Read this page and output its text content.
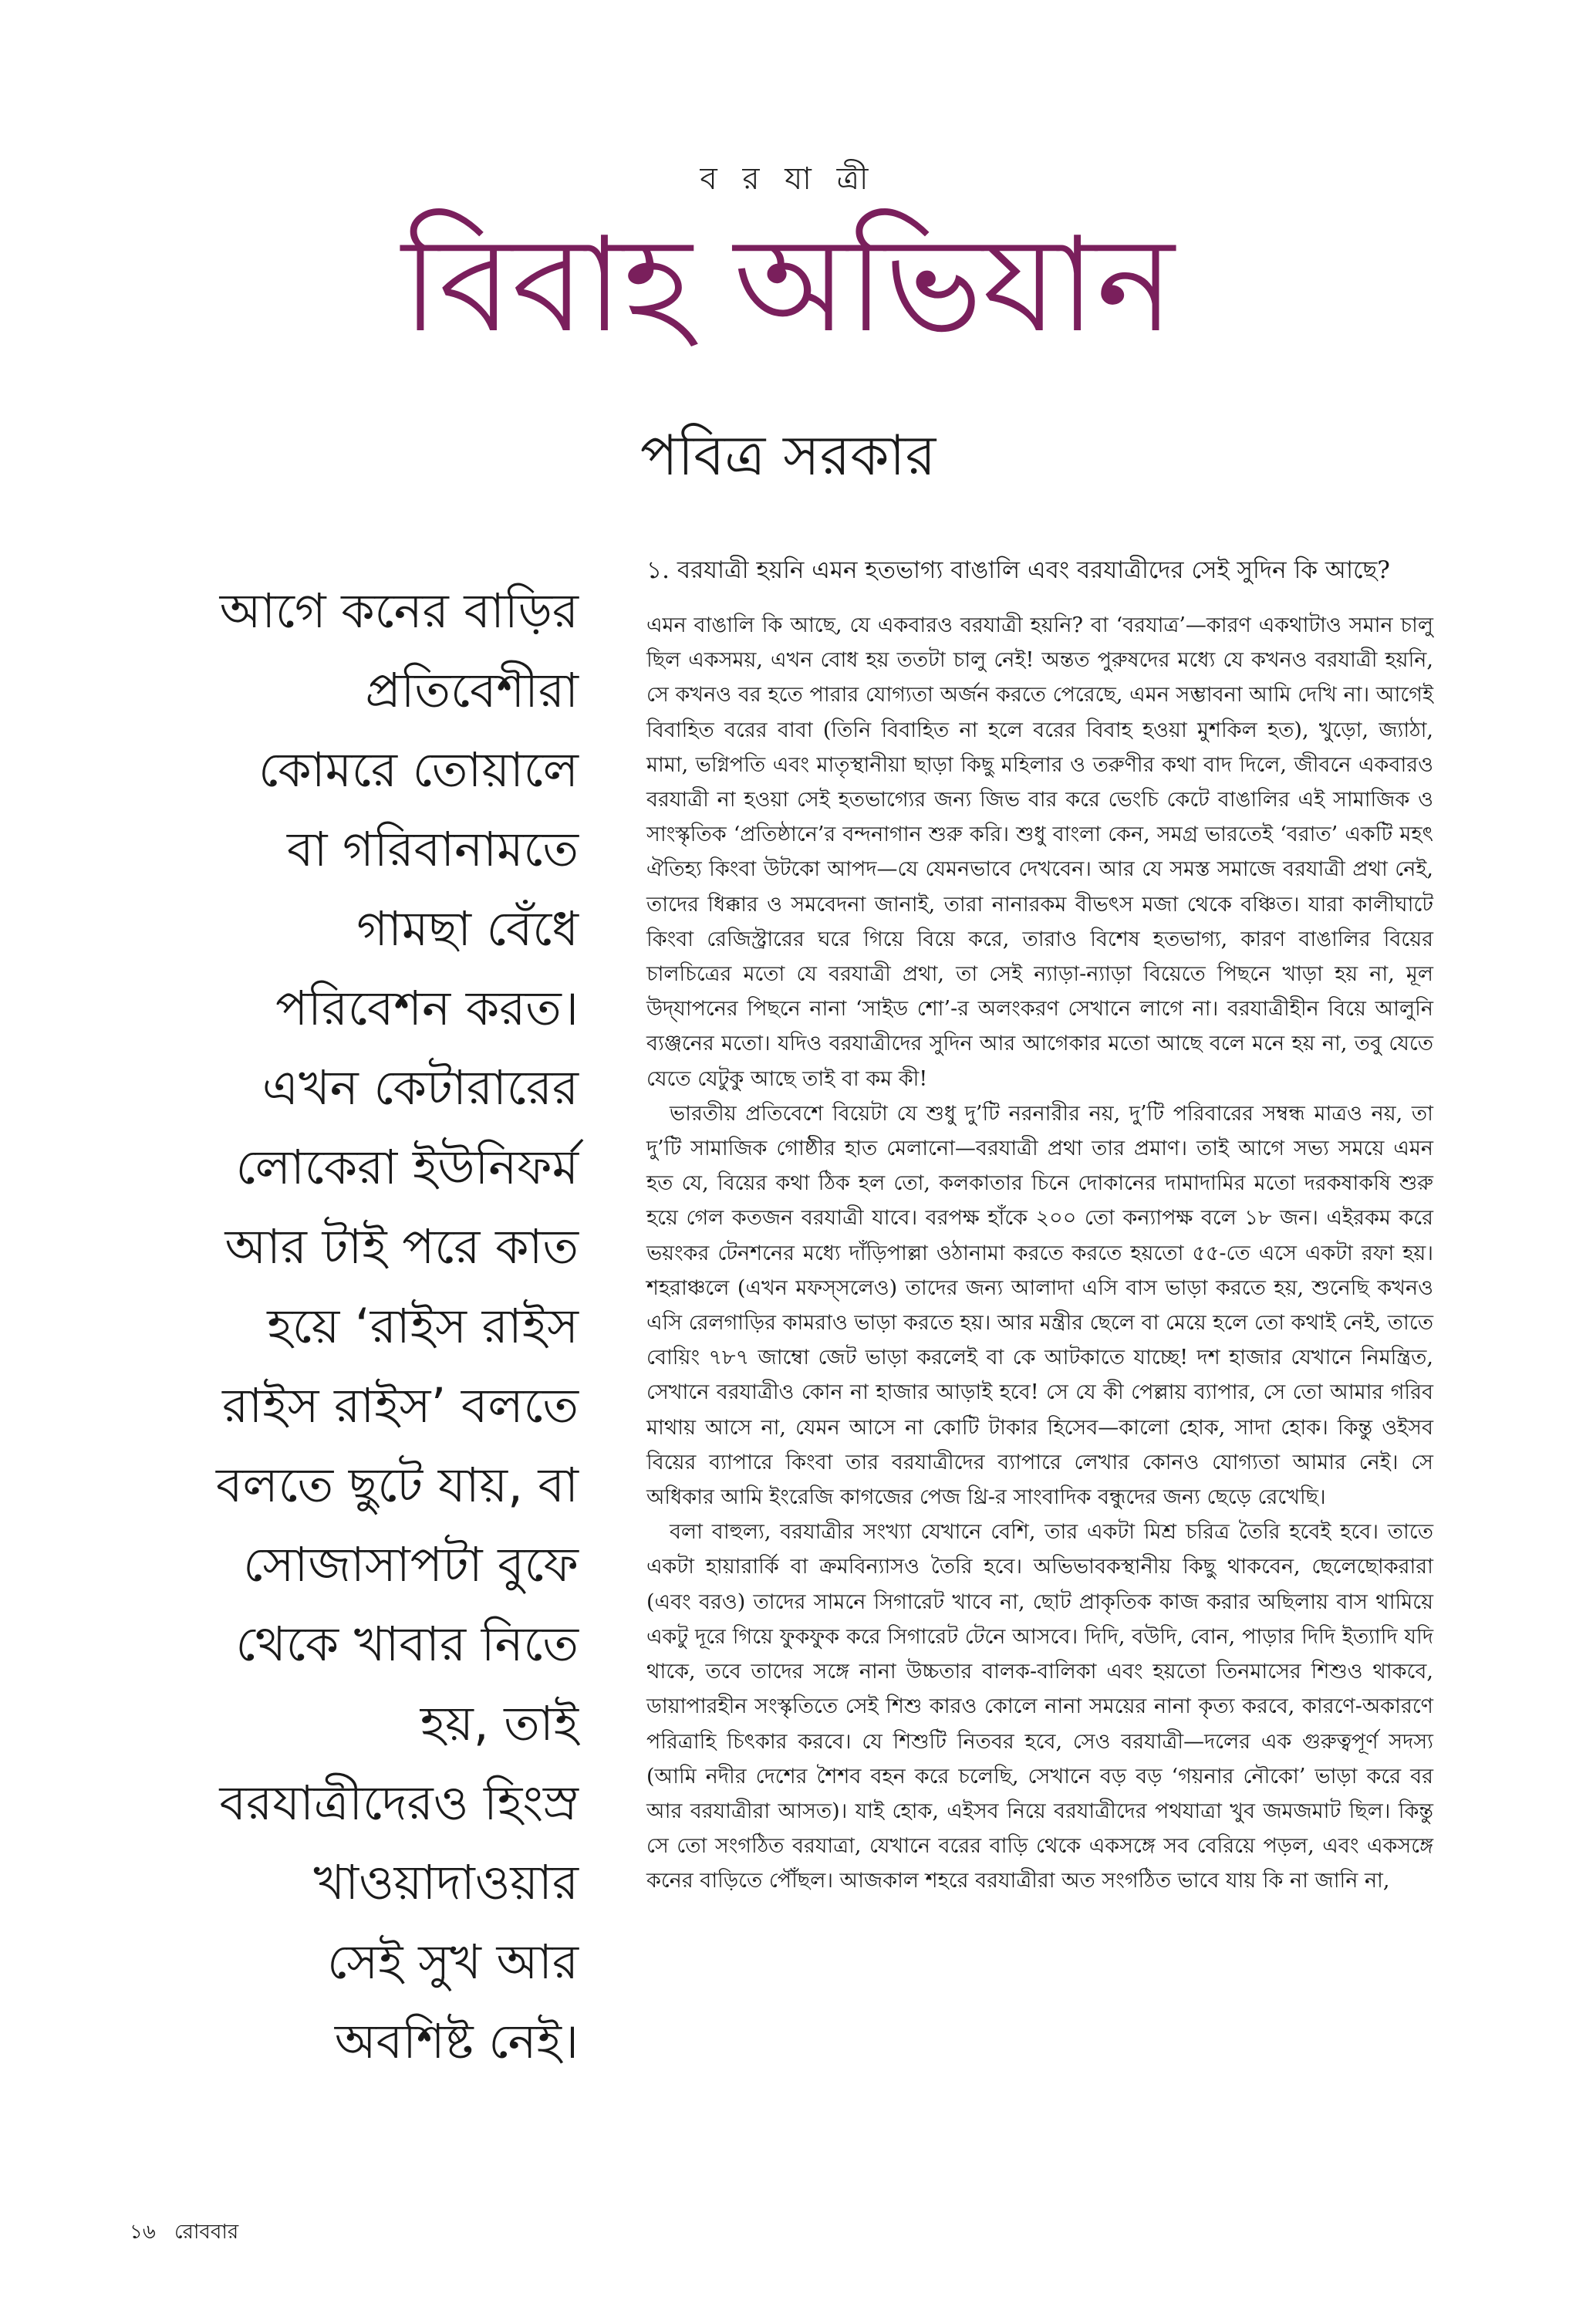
ব র যা ত্রী
বিবাহ অভিযান
পবিত্র সরকার
আগে কনের বাড়ির
প্রতিবেশীরা
কোমরে তোয়ালে
বা গরিবানামতে
গামছা বেঁধে
পরিবেশন করত।
এখন কেটারারের
লোকেরা ইউনিফর্ম
আর টাই পরে কাত
হয়ে ‘রাইস রাইস
রাইস রাইস’ বলতে
বলতে ছুটে যায়, বা
সোজাসাপটা বুফে
থেকে খাবার নিতে
হয়, তাই
বরযাত্রীদেরও হিংস্র
খাওয়াদাওয়ার
সেই সুখ আর
অবশিষ্ট নেই।

১. বরযাত্রী হয়নি এমন হতভাগ্য বাঙালি এবং বরযাত্রীদের সেই সুদিন কি আছে?

এমন বাঙালি কি আছে, যে একবারও বরযাত্রী হয়নি? বা ‘বরযাত্র’—কারণ একথাটাও সমান চালু ছিল একসময়, এখন বোধ হয় ততটা চালু নেই! অন্তত পুরুষদের মধ্যে যে কখনও বরযাত্রী হয়নি, সে কখনও বর হতে পারার যোগ্যতা অর্জন করতে পেরেছে, এমন সম্ভাবনা আমি দেখি না। আগেই বিবাহিত বরের বাবা (তিনি বিবাহিত না হলে বরের বিবাহ হওয়া মুশকিল হত), খুড়ো, জ্যাঠা, মামা, ভগ্নিপতি এবং মাতৃস্থানীয়া ছাড়া কিছু মহিলার ও তরুণীর কথা বাদ দিলে, জীবনে একবারও বরযাত্রী না হওয়া সেই হতভাগ্যের জন্য জিভ বার করে ভেংচি কেটে বাঙালির এই সামাজিক ও সাংস্কৃতিক ‘প্রতিষ্ঠানে’র বন্দনাগান শুরু করি। শুধু বাংলা কেন, সমগ্র ভারতেই ‘বরাত’ একটি মহৎ ঐতিহ্য কিংবা উটকো আপদ—যে যেমনভাবে দেখবেন। আর যে সমস্ত সমাজে বরযাত্রী প্রথা নেই, তাদের ধিক্কার ও সমবেদনা জানাই, তারা নানারকম বীভৎস মজা থেকে বঞ্চিত। যারা কালীঘাটে কিংবা রেজিস্ট্রারের ঘরে গিয়ে বিয়ে করে, তারাও বিশেষ হতভাগ্য, কারণ বাঙালির বিয়ের চালচিত্রের মতো যে বরযাত্রী প্রথা, তা সেই ন্যাড়া-ন্যাড়া বিয়েতে পিছনে খাড়া হয় না, মূল উদ্‌যাপনের পিছনে নানা ‘সাইড শো’-র অলংকরণ সেখানে লাগে না। বরযাত্রীহীন বিয়ে আলুনি ব্যঞ্জনের মতো। যদিও বরযাত্রীদের সুদিন আর আগেকার মতো আছে বলে মনে হয় না, তবু যেতে যেতে যেটুকু আছে তাই বা কম কী!

ভারতীয় প্রতিবেশে বিয়েটা যে শুধু দু’টি নরনারীর নয়, দু’টি পরিবারের সম্বন্ধ মাত্রও নয়, তা দু’টি সামাজিক গোষ্ঠীর হাত মেলানো—বরযাত্রী প্রথা তার প্রমাণ। তাই আগে সভ্য সময়ে এমন হত যে, বিয়ের কথা ঠিক হল তো, কলকাতার চিনে দোকানের দামাদামির মতো দরকষাকষি শুরু হয়ে গেল কতজন বরযাত্রী যাবে। বরপক্ষ হাঁকে ২০০ তো কন্যাপক্ষ বলে ১৮ জন। এইরকম করে ভয়ংকর টেনশনের মধ্যে দাঁড়িপাল্লা ওঠানামা করতে করতে হয়তো ৫৫-তে এসে একটা রফা হয়। শহরাঞ্চলে (এখন মফস্‌সলেও) তাদের জন্য আলাদা এসি বাস ভাড়া করতে হয়, শুনেছি কখনও এসি রেলগাড়ির কামরাও ভাড়া করতে হয়। আর মন্ত্রীর ছেলে বা মেয়ে হলে তো কথাই নেই, তাতে বোয়িং ৭৮৭ জাম্বো জেট ভাড়া করলেই বা কে আটকাতে যাচ্ছে! দশ হাজার যেখানে নিমন্ত্রিত, সেখানে বরযাত্রীও কোন না হাজার আড়াই হবে! সে যে কী পেল্লায় ব্যাপার, সে তো আমার গরিব মাথায় আসে না, যেমন আসে না কোটি টাকার হিসেব—কালো হোক, সাদা হোক। কিন্তু ওইসব বিয়ের ব্যাপারে কিংবা তার বরযাত্রীদের ব্যাপারে লেখার কোনও যোগ্যতা আমার নেই। সে অধিকার আমি ইংরেজি কাগজের পেজ থ্রি-র সাংবাদিক বন্ধুদের জন্য ছেড়ে রেখেছি।

বলা বাহুল্য, বরযাত্রীর সংখ্যা যেখানে বেশি, তার একটা মিশ্র চরিত্র তৈরি হবেই হবে। তাতে একটা হায়ারার্কি বা ক্রমবিন্যাসও তৈরি হবে। অভিভাবকস্থানীয় কিছু থাকবেন, ছেলেছোকরারা (এবং বরও) তাদের সামনে সিগারেট খাবে না, ছোট প্রাকৃতিক কাজ করার অছিলায় বাস থামিয়ে একটু দূরে গিয়ে ফুকফুক করে সিগারেট টেনে আসবে। দিদি, বউদি, বোন, পাড়ার দিদি ইত্যাদি যদি থাকে, তবে তাদের সঙ্গে নানা উচ্চতার বালক-বালিকা এবং হয়তো তিনমাসের শিশুও থাকবে, ডায়াপারহীন সংস্কৃতিতে সেই শিশু কারও কোলে নানা সময়ের নানা কৃত্য করবে, কারণে-অকারণে পরিত্রাহি চিৎকার করবে। যে শিশুটি নিতবর হবে, সেও বরযাত্রী—দলের এক গুরুত্বপূর্ণ সদস্য (আমি নদীর দেশের শৈশব বহন করে চলেছি, সেখানে বড় বড় ‘গয়নার নৌকো’ ভাড়া করে বর আর বরযাত্রীরা আসত)। যাই হোক, এইসব নিয়ে বরযাত্রীদের পথযাত্রা খুব জমজমাট ছিল। কিন্তু সে তো সংগঠিত বরযাত্রা, যেখানে বরের বাড়ি থেকে একসঙ্গে সব বেরিয়ে পড়ল, এবং একসঙ্গে কনের বাড়িতে পৌঁছল। আজকাল শহরে বরযাত্রীরা অত সংগঠিত ভাবে যায় কি না জানি না,

১৬ রোববার
